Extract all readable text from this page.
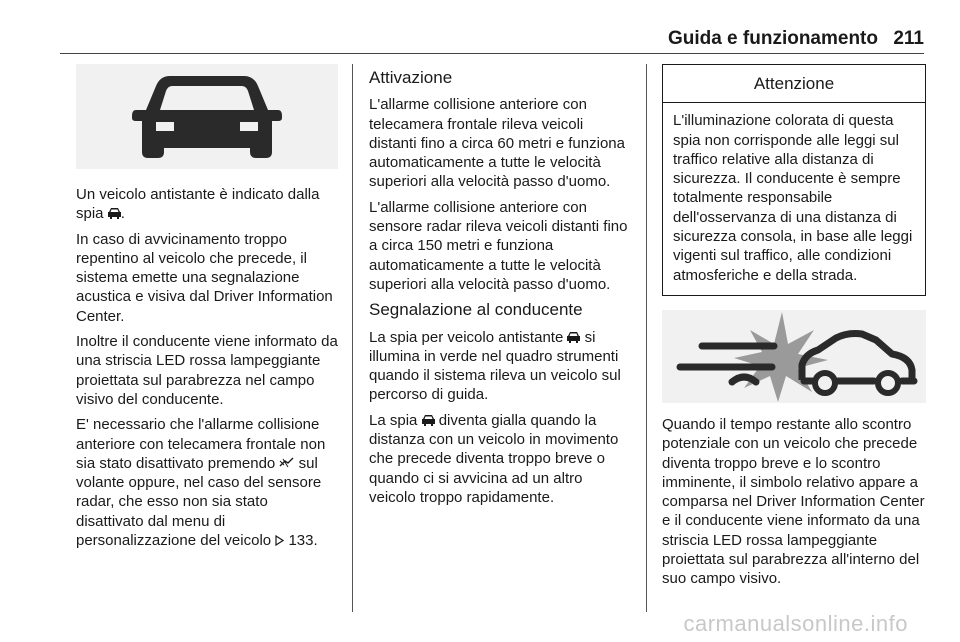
Guida e funzionamento 211

Un veicolo antistante è indicato dalla spia .

In caso di avvicinamento troppo repentino al veicolo che precede, il sistema emette una segnalazione acustica e visiva dal Driver Information Center.

Inoltre il conducente viene informato da una striscia LED rossa lampeggiante proiettata sul parabrezza nel campo visivo del conducente.

E' necessario che l'allarme collisione anteriore con telecamera frontale non sia stato disattivato premendo  sul volante oppure, nel caso del sensore radar, che esso non sia stato disattivato dal menu di personalizzazione del veicolo  133.

Attivazione

L'allarme collisione anteriore con telecamera frontale rileva veicoli distanti fino a circa 60 metri e funziona automaticamente a tutte le velocità superiori alla velocità passo d'uomo.

L'allarme collisione anteriore con sensore radar rileva veicoli distanti fino a circa 150 metri e funziona automaticamente a tutte le velocità superiori alla velocità passo d'uomo.

Segnalazione al conducente

La spia per veicolo antistante  si illumina in verde nel quadro strumenti quando il sistema rileva un veicolo sul percorso di guida.

La spia  diventa gialla quando la distanza con un veicolo in movimento che precede diventa troppo breve o quando ci si avvicina ad un altro veicolo troppo rapidamente.

Attenzione
L'illuminazione colorata di questa spia non corrisponde alle leggi sul traffico relative alla distanza di sicurezza. Il conducente è sempre totalmente responsabile dell'osservanza di una distanza di sicurezza consola, in base alle leggi vigenti sul traffico, alle condizioni atmosferiche e della strada.

Quando il tempo restante allo scontro potenziale con un veicolo che precede diventa troppo breve e lo scontro imminente, il simbolo relativo appare a comparsa nel Driver Information Center e il conducente viene informato da una striscia LED rossa lampeggiante proiettata sul parabrezza all'interno del suo campo visivo.

carmanualsonline.info
